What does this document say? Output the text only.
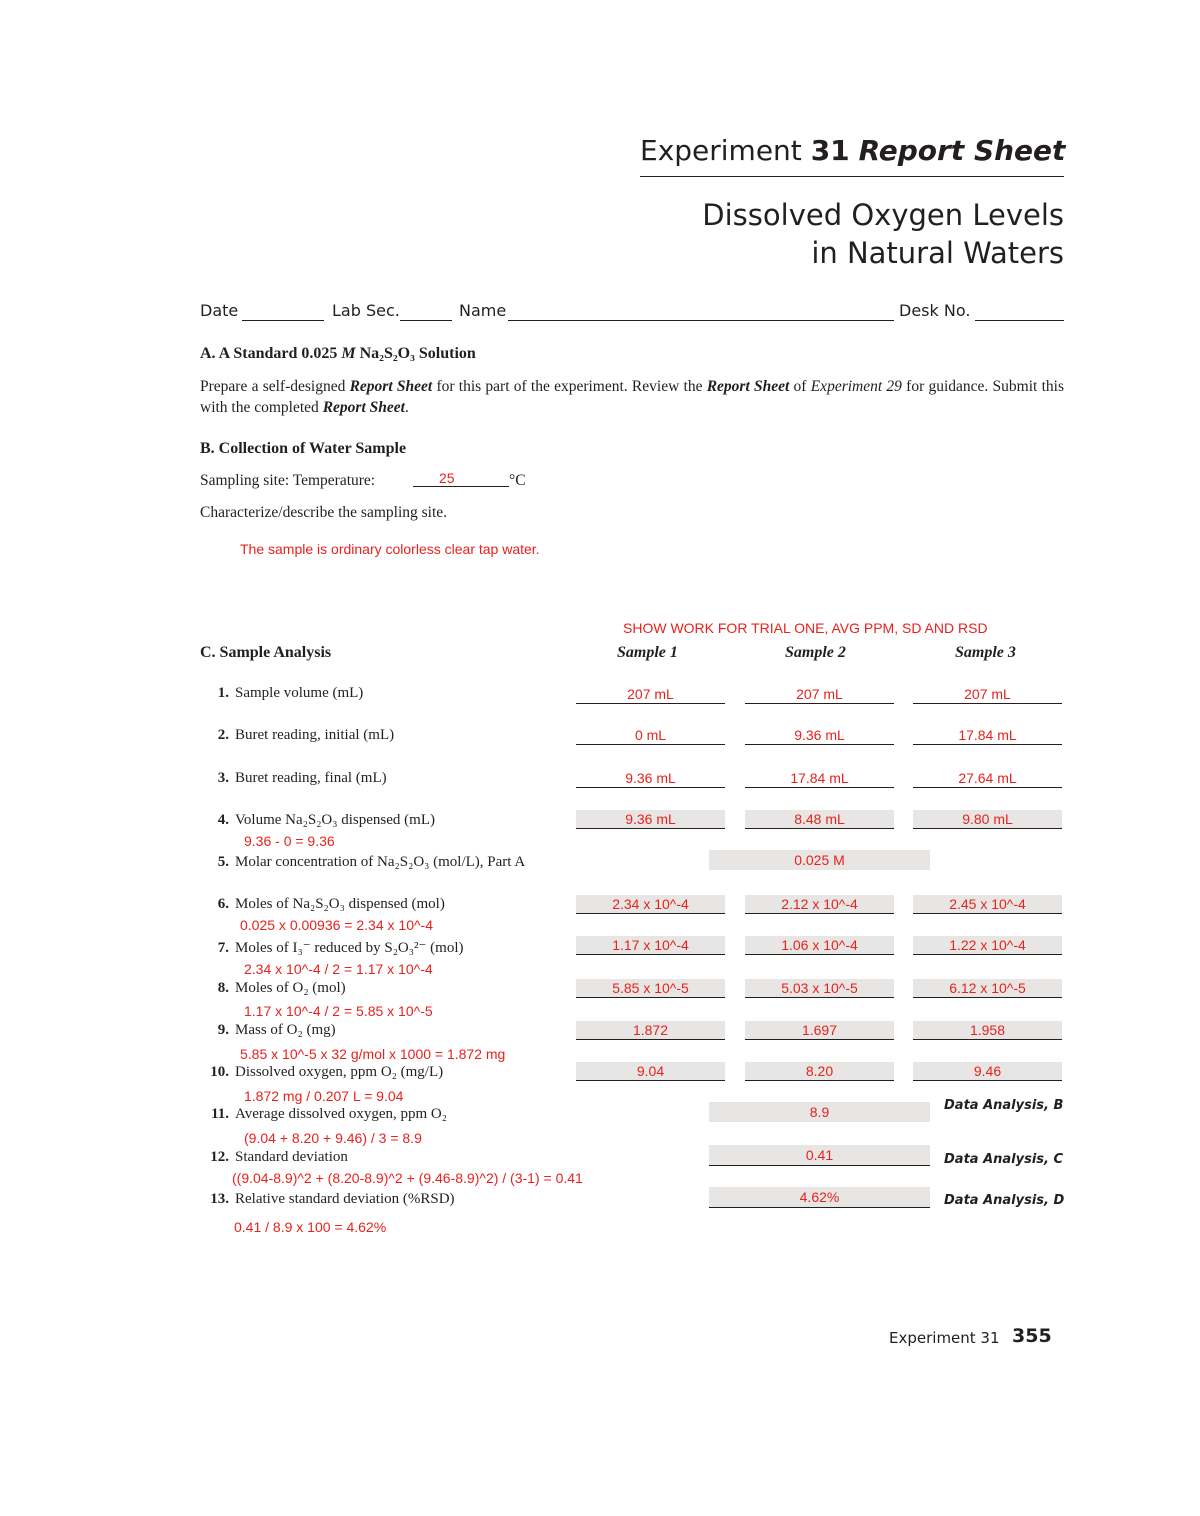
Experiment 31 Report Sheet
Dissolved Oxygen Levels
in Natural Waters
Date	Lab Sec.	Name	Desk No.
A. A Standard 0.025 M Na₂S₂O₃ Solution
Prepare a self-designed Report Sheet for this part of the experiment. Review the Report Sheet of Experiment 29 for guidance. Submit this with the completed Report Sheet.
B. Collection of Water Sample
Sampling site: Temperature:	25	°C
Characterize/describe the sampling site.
The sample is ordinary colorless clear tap water.
SHOW WORK FOR TRIAL ONE, AVG PPM, SD AND RSD
C. Sample Analysis	Sample 1	Sample 2	Sample 3
1. Sample volume (mL)	207 mL	207 mL	207 mL
2. Buret reading, initial (mL)	0 mL	9.36 mL	17.84 mL
3. Buret reading, final (mL)	9.36 mL	17.84 mL	27.64 mL
4. Volume Na₂S₂O₃ dispensed (mL)	9.36 mL	8.48 mL	9.80 mL
9.36 - 0 = 9.36
5. Molar concentration of Na₂S₂O₃ (mol/L), Part A	0.025 M
6. Moles of Na₂S₂O₃ dispensed (mol)	2.34 x 10^-4	2.12 x 10^-4	2.45 x 10^-4
0.025 x 0.00936 = 2.34 x 10^-4
7. Moles of I₃⁻ reduced by S₂O₃²⁻ (mol)	1.17 x 10^-4	1.06 x 10^-4	1.22 x 10^-4
2.34 x 10^-4 / 2 = 1.17 x 10^-4
8. Moles of O₂ (mol)	5.85 x 10^-5	5.03 x 10^-5	6.12 x 10^-5
1.17 x 10^-4 / 2 = 5.85 x 10^-5
9. Mass of O₂ (mg)	1.872	1.697	1.958
5.85 x 10^-5 x 32 g/mol x 1000 = 1.872 mg
10. Dissolved oxygen, ppm O₂ (mg/L)	9.04	8.20	9.46
1.872 mg / 0.207 L = 9.04
11. Average dissolved oxygen, ppm O₂	8.9	Data Analysis, B
(9.04 + 8.20 + 9.46) / 3 = 8.9
12. Standard deviation	0.41	Data Analysis, C
((9.04-8.9)^2 + (8.20-8.9)^2 + (9.46-8.9)^2) / (3-1) = 0.41
13. Relative standard deviation (%RSD)	4.62%	Data Analysis, D
0.41 / 8.9 x 100 = 4.62%
Experiment 31 355
